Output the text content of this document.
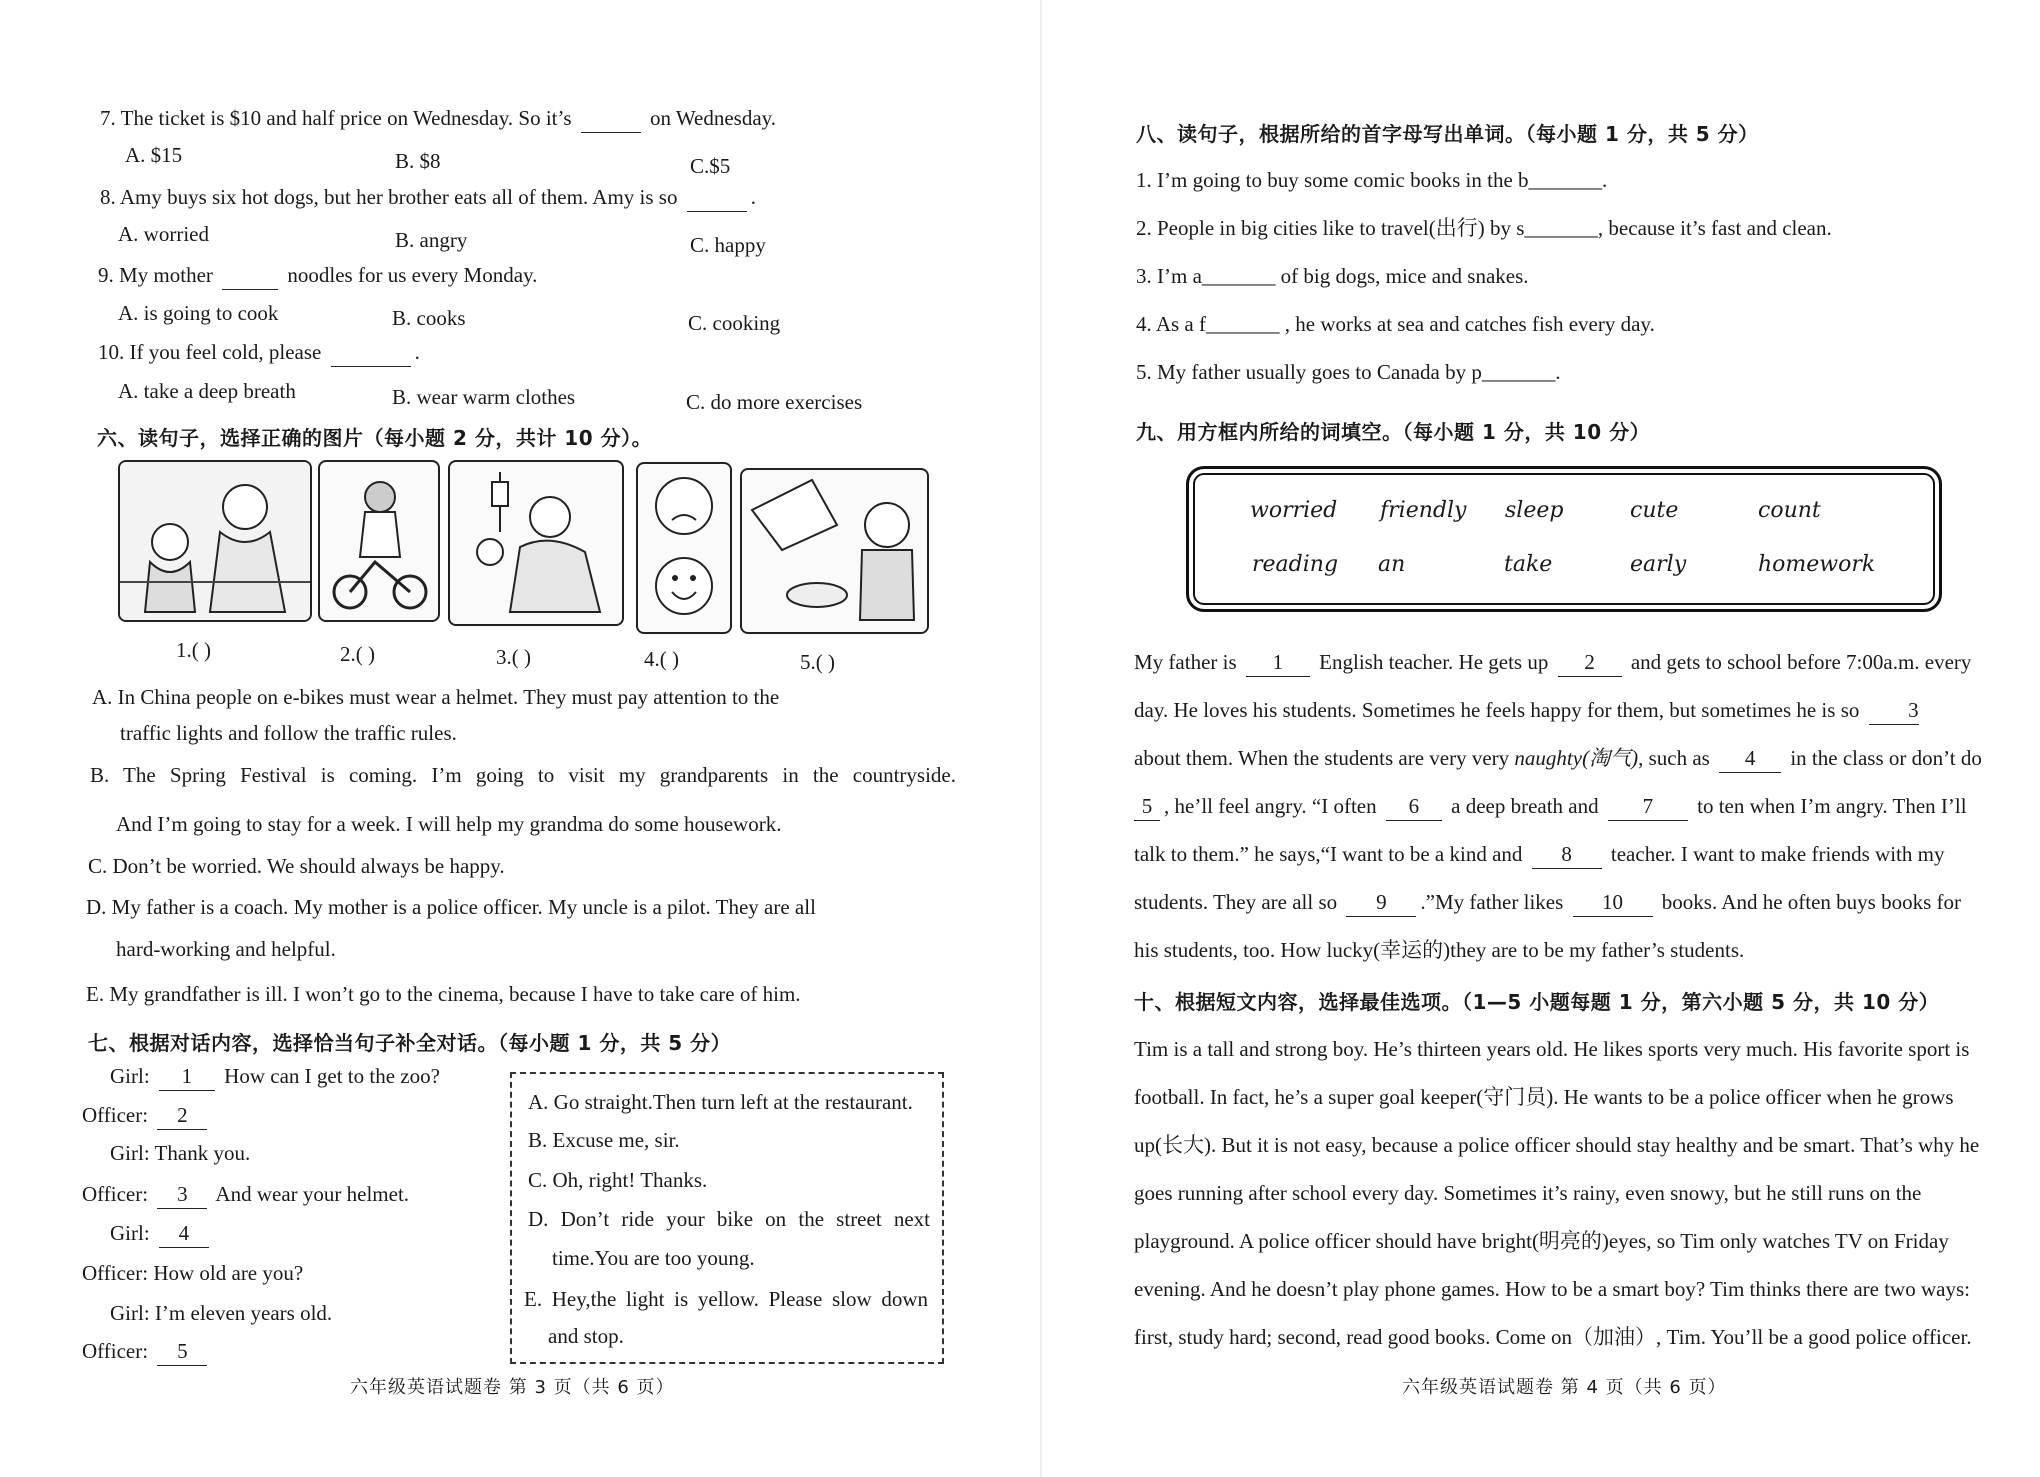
7. The ticket is $10 and half price on Wednesday. So it’s	on Wednesday.
A. $15	B. $8	C.$5
8. Amy buys six hot dogs, but her brother eats all of them. Amy is so	.
A. worried	B. angry	C. happy
9. My mother	noodles for us every Monday.
A. is going to cook	B. cooks	C. cooking
10. If you feel cold, please	.
A. take a deep breath	B. wear warm clothes	C. do more exercises
六、读句子，选择正确的图片（每小题 2 分，共计 10 分）。
1.( )	2.( )	3.( )	4.( )	5.( )
A. In China people on e-bikes must wear a helmet. They must pay attention to the
traffic lights and follow the traffic rules.
B. The Spring Festival is coming. I’m going to visit my grandparents in the countryside.
And I’m going to stay for a week. I will help my grandma do some housework.
C. Don’t be worried. We should always be happy.
D. My father is a coach. My mother is a police officer. My uncle is a pilot. They are all
hard-working and helpful.
E. My grandfather is ill. I won’t go to the cinema, because I have to take care of him.
七、根据对话内容，选择恰当句子补全对话。（每小题 1 分，共 5 分）
Girl: 1 How can I get to the zoo?
Officer: 2
Girl: Thank you.
Officer: 3 And wear your helmet.
Girl: 4
Officer: How old are you?
Girl: I’m eleven years old.
Officer: 5
A. Go straight.Then turn left at the restaurant.
B. Excuse me, sir.
C. Oh, right! Thanks.
D. Don’t ride your bike on the street next
time.You are too young.
E. Hey,the light is yellow. Please slow down
and stop.
六年级英语试题卷 第 3 页（共 6 页）
八、读句子，根据所给的首字母写出单词。（每小题 1 分，共 5 分）
1. I’m going to buy some comic books in the b_______.
2. People in big cities like to travel(出行) by s_______, because it’s fast and clean.
3. I’m a_______ of big dogs, mice and snakes.
4. As a f_______ , he works at sea and catches fish every day.
5. My father usually goes to Canada by p_______.
九、用方框内所给的词填空。（每小题 1 分，共 10 分）
worried friendly sleep	cute	count
reading an	take	early	homework
My father is 1 English teacher. He gets up 2 and gets to school before 7:00a.m. every
day. He loves his students. Sometimes he feels happy for them, but sometimes he is so 3
about them. When the students are very very naughty(淘气), such as 4 in the class or don’t do
5 , he’ll feel angry. “I often 6 a deep breath and 7 to ten when I’m angry. Then I’ll
talk to them.” he says,“I want to be a kind and 8 teacher. I want to make friends with my
students. They are all so 9 .”My father likes 10 books. And he often buys books for
his students, too. How lucky(幸运的)they are to be my father’s students.
十、根据短文内容，选择最佳选项。（1—5 小题每题 1 分，第六小题 5 分，共 10 分）
Tim is a tall and strong boy. He’s thirteen years old. He likes sports very much. His favorite sport is
football. In fact, he’s a super goal keeper(守门员). He wants to be a police officer when he grows
up(长大). But it is not easy, because a police officer should stay healthy and be smart. That’s why he
goes running after school every day. Sometimes it’s rainy, even snowy, but he still runs on the
playground. A police officer should have bright(明亮的)eyes, so Tim only watches TV on Friday
evening. And he doesn’t play phone games. How to be a smart boy? Tim thinks there are two ways:
first, study hard; second, read good books. Come on（加油）, Tim. You’ll be a good police officer.
六年级英语试题卷 第 4 页（共 6 页）
